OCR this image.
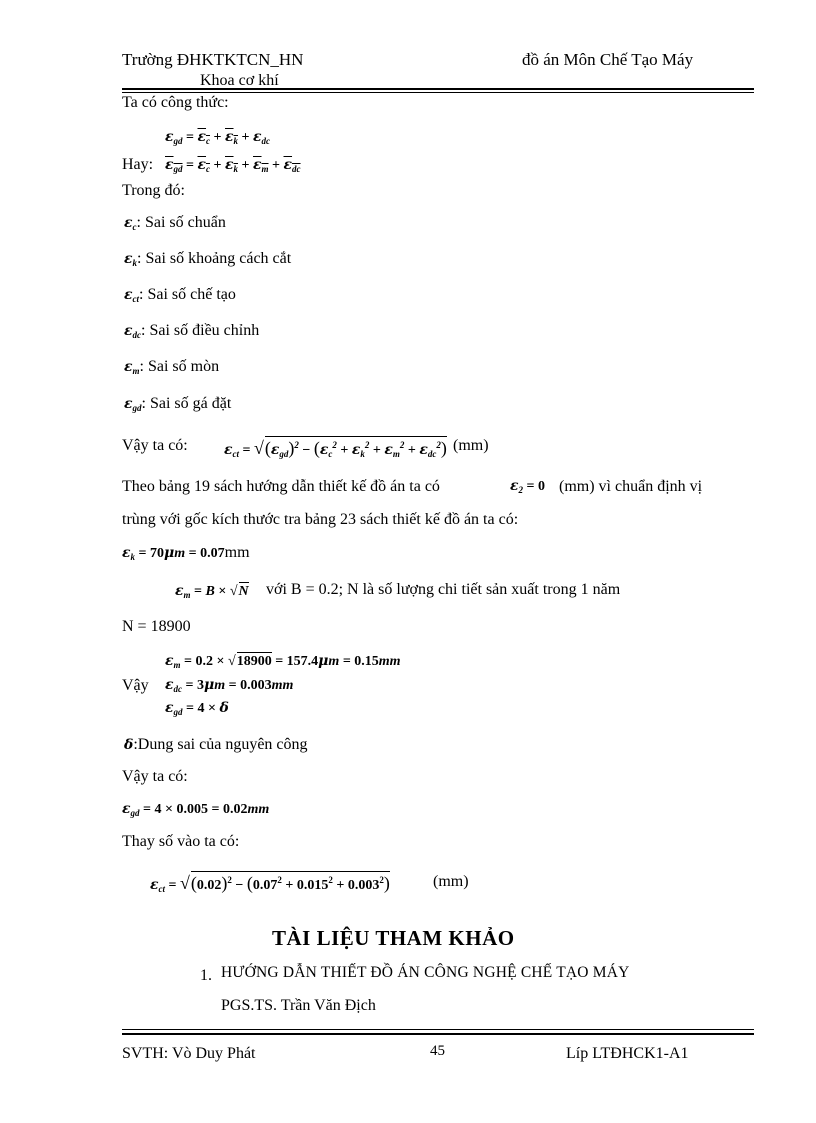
Trường ĐHKTKTCN_HN
Khoa cơ khí
đồ án Môn Chế Tạo Máy
Ta có công thức:
$\varepsilon_{gd} = \varepsilon_c + \varepsilon_k + \varepsilon_{dc}$
Hay: $\varepsilon_{gd} = \varepsilon_c + \varepsilon_k + \varepsilon_m + \varepsilon_{dc}$
Trong đó:
$\varepsilon_c$: Sai số chuẩn
$\varepsilon_k$: Sai số khoảng cách cắt
$\varepsilon_{ct}$: Sai số chế tạo
$\varepsilon_{dc}$: Sai số điều chỉnh
$\varepsilon_m$: Sai số mòn
$\varepsilon_{gd}$: Sai số gá đặt
Vậy ta có:	$\varepsilon_{ct} = √(\varepsilon_{gd})^2 - (\varepsilon_c^2 + \varepsilon_k^2 + \varepsilon_m^2 + \varepsilon_{dc}^2)$ (mm)
Theo bảng 19 sách hướng dẫn thiết kế đồ án ta có	$\varepsilon_2 = 0$ (mm) vì chuẩn định vị
trùng với gốc kích thước tra bảng 23 sách thiết kế đồ án ta có:
$\varepsilon_k = 70\mu m = 0.07mm$
$\varepsilon_m = B \times √N$ với B = 0.2; N là số lượng chi tiết sản xuất trong 1 năm
N = 18900
$\varepsilon_m = 0.2 \times √18900 = 157.4\mu m = 0.15mm$
Vậy $\varepsilon_{dc} = 3\mu m = 0.003mm$
$\varepsilon_{gd} = 4 \times \delta$
δ:Dung sai của nguyên công
Vậy ta có:
$\varepsilon_{gd} = 4 \times 0.005 = 0.02mm$
Thay số vào ta có:
$\varepsilon_{ct} = √(0.02)^2 - (0.07^2 + 0.015^2 + 0.003^2)$	(mm)
TÀI LIỆU THAM KHẢO
1. HƯỚNG DẪN THIẾT ĐỒ ÁN CÔNG NGHỆ CHẾ TẠO MÁY
PGS.TS. Trần Văn Địch
SVTH: Vò Duy Phát	45	Líp LTĐHCK1-A1
